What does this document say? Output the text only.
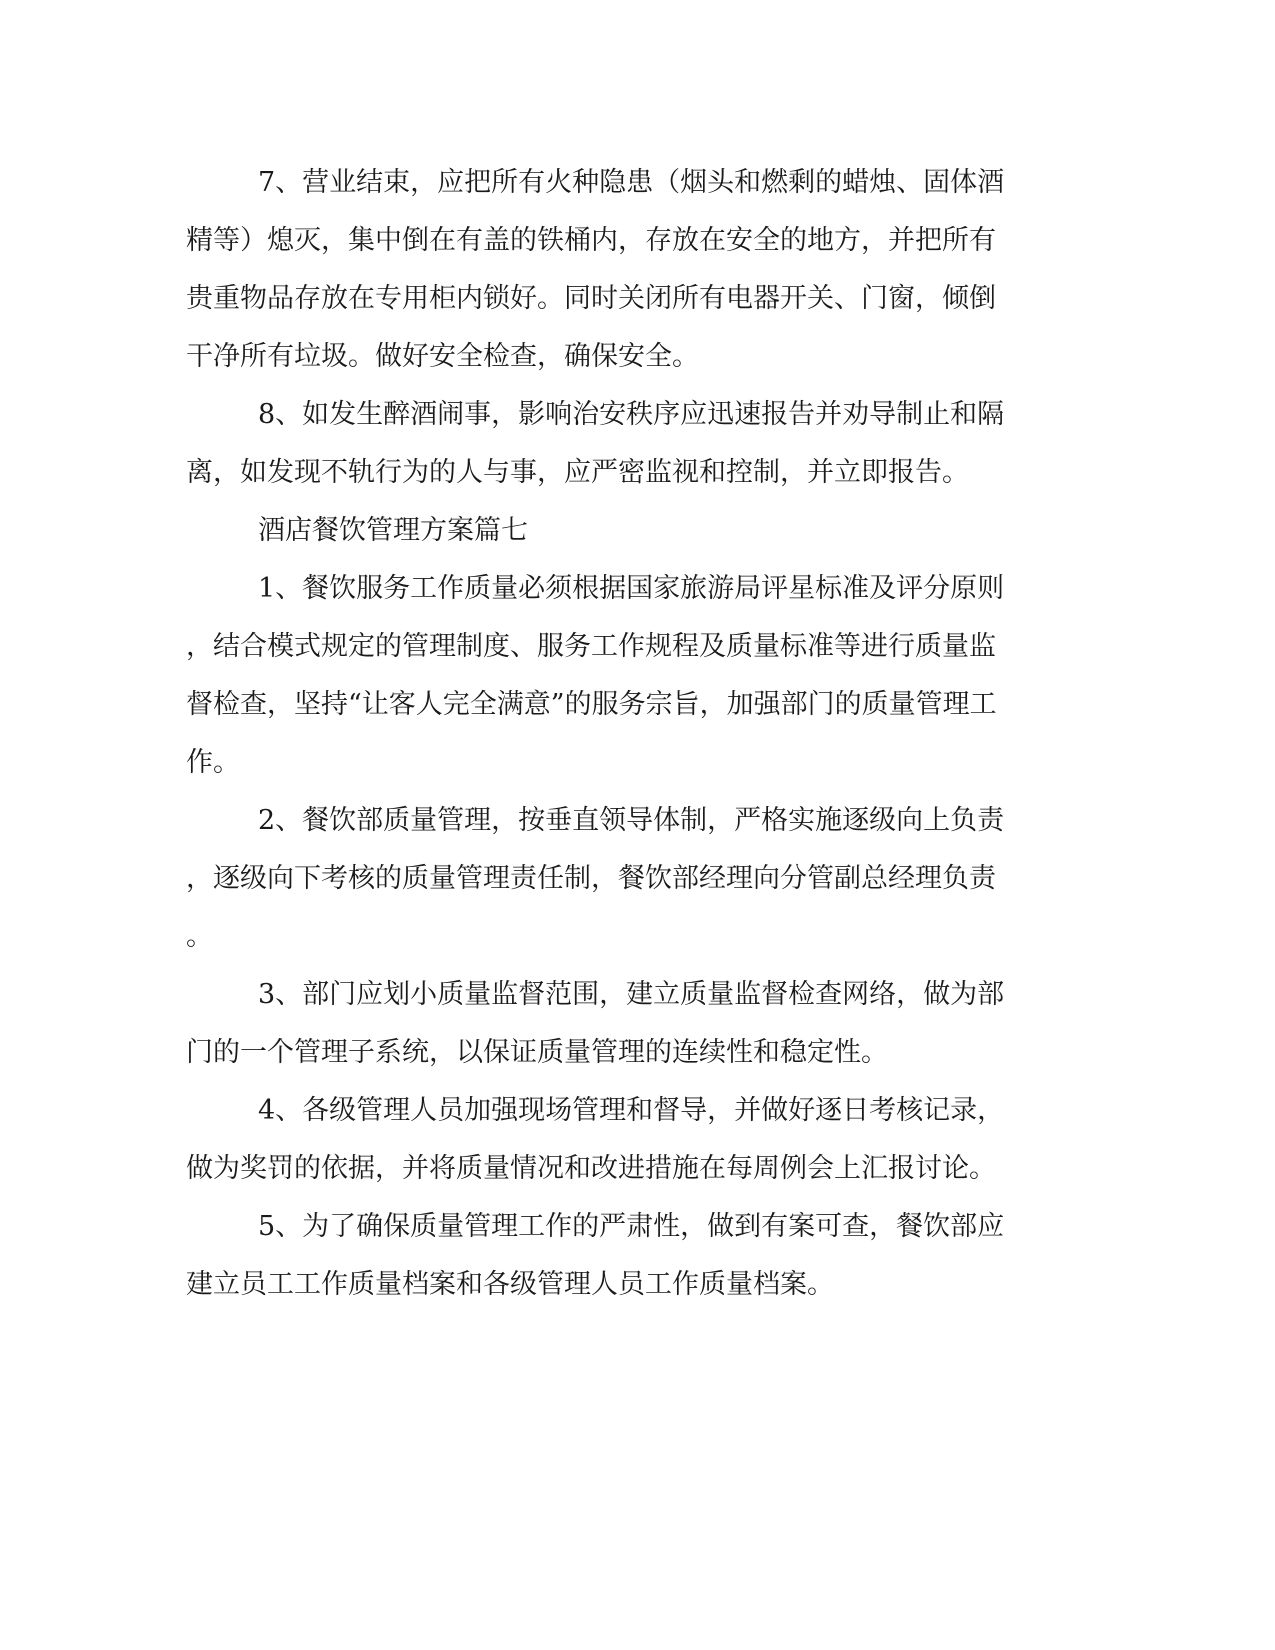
7、营业结束，应把所有火种隐患（烟头和燃剩的蜡烛、固体酒
精等）熄灭，集中倒在有盖的铁桶内，存放在安全的地方，并把所有
贵重物品存放在专用柜内锁好。同时关闭所有电器开关、门窗，倾倒
干净所有垃圾。做好安全检查，确保安全。
8、如发生醉酒闹事，影响治安秩序应迅速报告并劝导制止和隔
离，如发现不轨行为的人与事，应严密监视和控制，并立即报告。
酒店餐饮管理方案篇七
1、餐饮服务工作质量必须根据国家旅游局评星标准及评分原则
，结合模式规定的管理制度、服务工作规程及质量标准等进行质量监
督检查，坚持“让客人完全满意”的服务宗旨，加强部门的质量管理工
作。
2、餐饮部质量管理，按垂直领导体制，严格实施逐级向上负责
，逐级向下考核的质量管理责任制，餐饮部经理向分管副总经理负责
。
3、部门应划小质量监督范围，建立质量监督检查网络，做为部
门的一个管理子系统，以保证质量管理的连续性和稳定性。
4、各级管理人员加强现场管理和督导，并做好逐日考核记录，
做为奖罚的依据，并将质量情况和改进措施在每周例会上汇报讨论。
5、为了确保质量管理工作的严肃性，做到有案可查，餐饮部应
建立员工工作质量档案和各级管理人员工作质量档案。
